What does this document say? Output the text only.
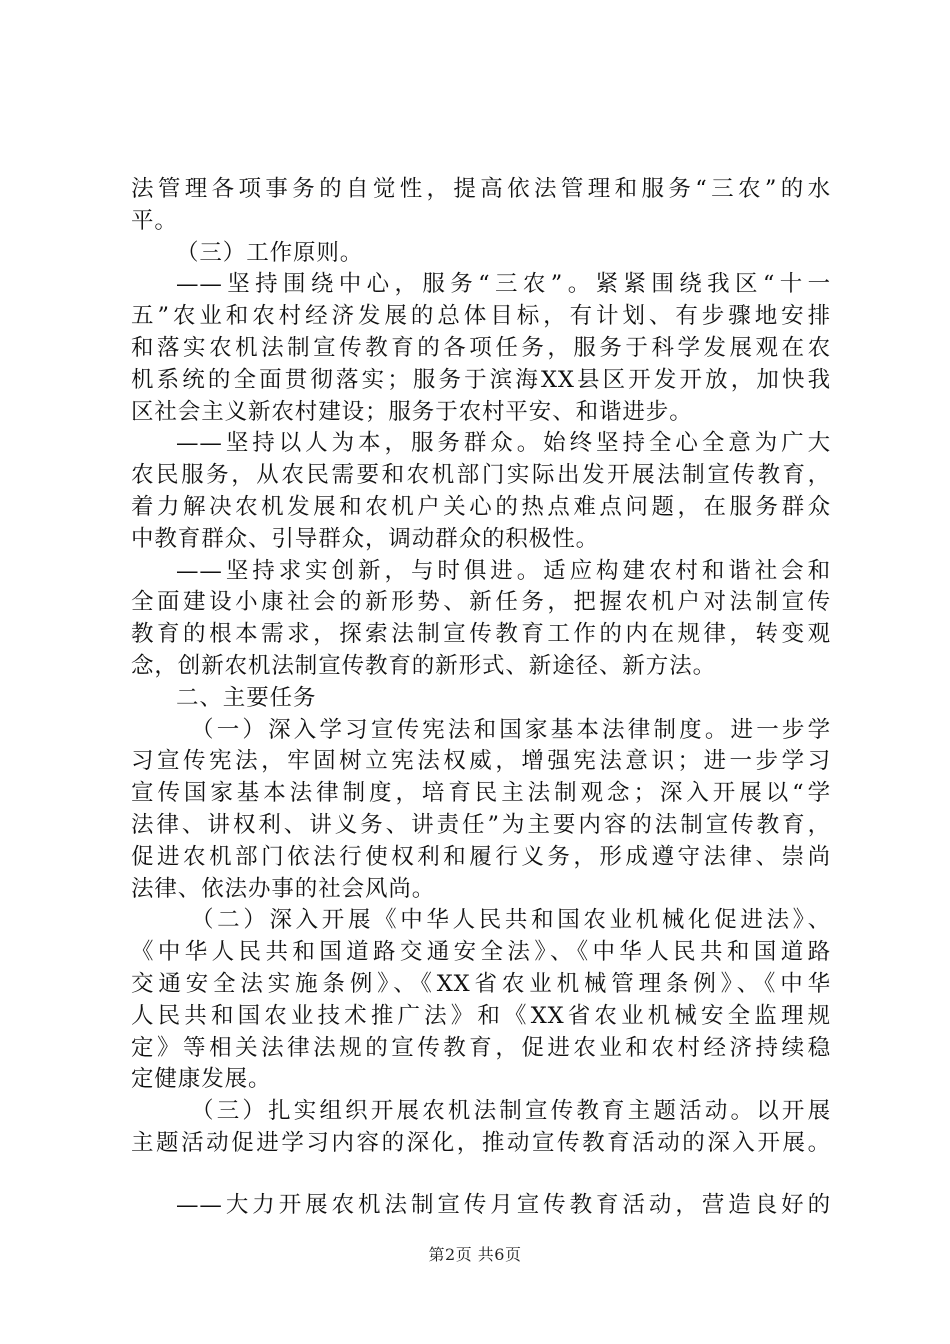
法管理各项事务的自觉性，提高依法管理和服务“三农”的水
平。
（三）工作原则。
——坚持围绕中心，服务“三农”。紧紧围绕我区“十一
五”农业和农村经济发展的总体目标，有计划、有步骤地安排
和落实农机法制宣传教育的各项任务，服务于科学发展观在农
机系统的全面贯彻落实；服务于滨海XX县区开发开放，加快我
区社会主义新农村建设；服务于农村平安、和谐进步。
——坚持以人为本，服务群众。始终坚持全心全意为广大
农民服务，从农民需要和农机部门实际出发开展法制宣传教育，
着力解决农机发展和农机户关心的热点难点问题，在服务群众
中教育群众、引导群众，调动群众的积极性。
——坚持求实创新，与时俱进。适应构建农村和谐社会和
全面建设小康社会的新形势、新任务，把握农机户对法制宣传
教育的根本需求，探索法制宣传教育工作的内在规律，转变观
念，创新农机法制宣传教育的新形式、新途径、新方法。
二、主要任务
（一）深入学习宣传宪法和国家基本法律制度。进一步学
习宣传宪法，牢固树立宪法权威，增强宪法意识；进一步学习
宣传国家基本法律制度，培育民主法制观念；深入开展以“学
法律、讲权利、讲义务、讲责任”为主要内容的法制宣传教育，
促进农机部门依法行使权利和履行义务，形成遵守法律、崇尚
法律、依法办事的社会风尚。
（二）深入开展《中华人民共和国农业机械化促进法》、
《中华人民共和国道路交通安全法》、《中华人民共和国道路
交通安全法实施条例》、《XX省农业机械管理条例》、《中华
人民共和国农业技术推广法》和《XX省农业机械安全监理规
定》等相关法律法规的宣传教育，促进农业和农村经济持续稳
定健康发展。
（三）扎实组织开展农机法制宣传教育主题活动。以开展
主题活动促进学习内容的深化，推动宣传教育活动的深入开展。
——大力开展农机法制宣传月宣传教育活动，营造良好的
第2页 共6页
